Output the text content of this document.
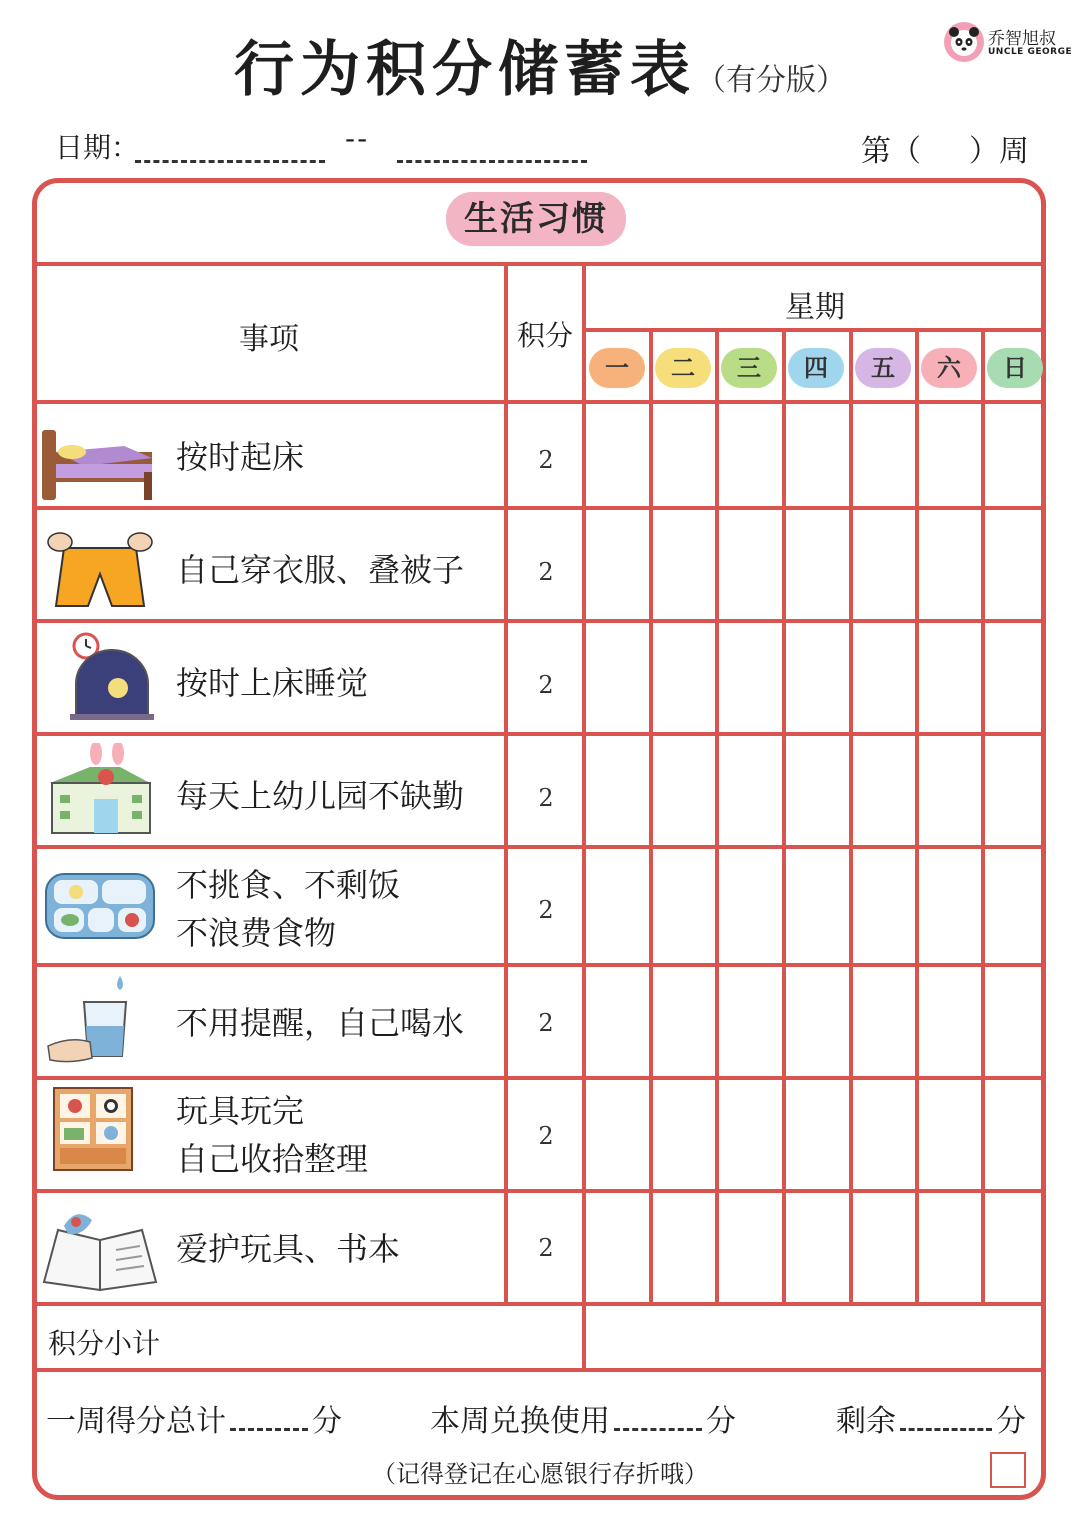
行为积分储蓄表（有分版）
乔智旭叔
UNCLE GEORGE
日期：	--	第（ ）周
生活习惯
事项	积分
星期
一	二	三	四	五	六	日
按时起床	2
自己穿衣服、叠被子	2
按时上床睡觉	2
每天上幼儿园不缺勤	2
不挑食、不剩饭
不浪费食物
2
不用提醒，自己喝水	2
玩具玩完
自己收拾整理
2
爱护玩具、书本	2
积分小计
一周得分总计	分	本周兑换使用	分	剩余	分
（记得登记在心愿银行存折哦）
